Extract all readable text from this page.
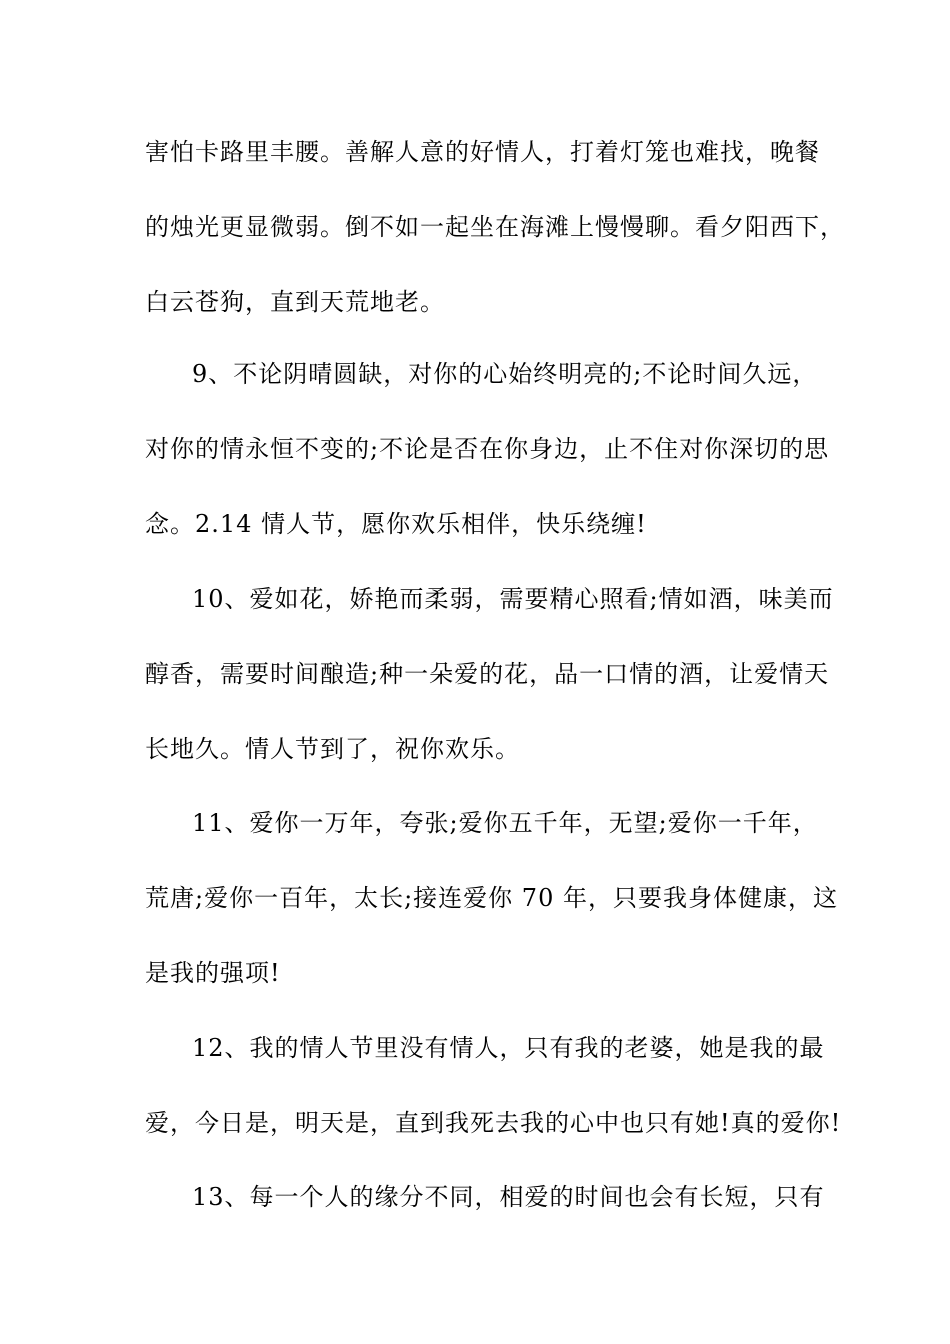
害怕卡路里丰腰。善解人意的好情人，打着灯笼也难找，晚餐
的烛光更显微弱。倒不如一起坐在海滩上慢慢聊。看夕阳西下，
白云苍狗，直到天荒地老。
9、不论阴晴圆缺，对你的心始终明亮的;不论时间久远，
对你的情永恒不变的;不论是否在你身边，止不住对你深切的思
念。2.14 情人节，愿你欢乐相伴，快乐绕缠!
10、爱如花，娇艳而柔弱，需要精心照看;情如酒，味美而
醇香，需要时间酿造;种一朵爱的花，品一口情的酒，让爱情天
长地久。情人节到了，祝你欢乐。
11、爱你一万年，夸张;爱你五千年，无望;爱你一千年，
荒唐;爱你一百年，太长;接连爱你 70 年，只要我身体健康，这
是我的强项!
12、我的情人节里没有情人，只有我的老婆，她是我的最
爱，今日是，明天是，直到我死去我的心中也只有她!真的爱你!
13、每一个人的缘分不同，相爱的时间也会有长短，只有
